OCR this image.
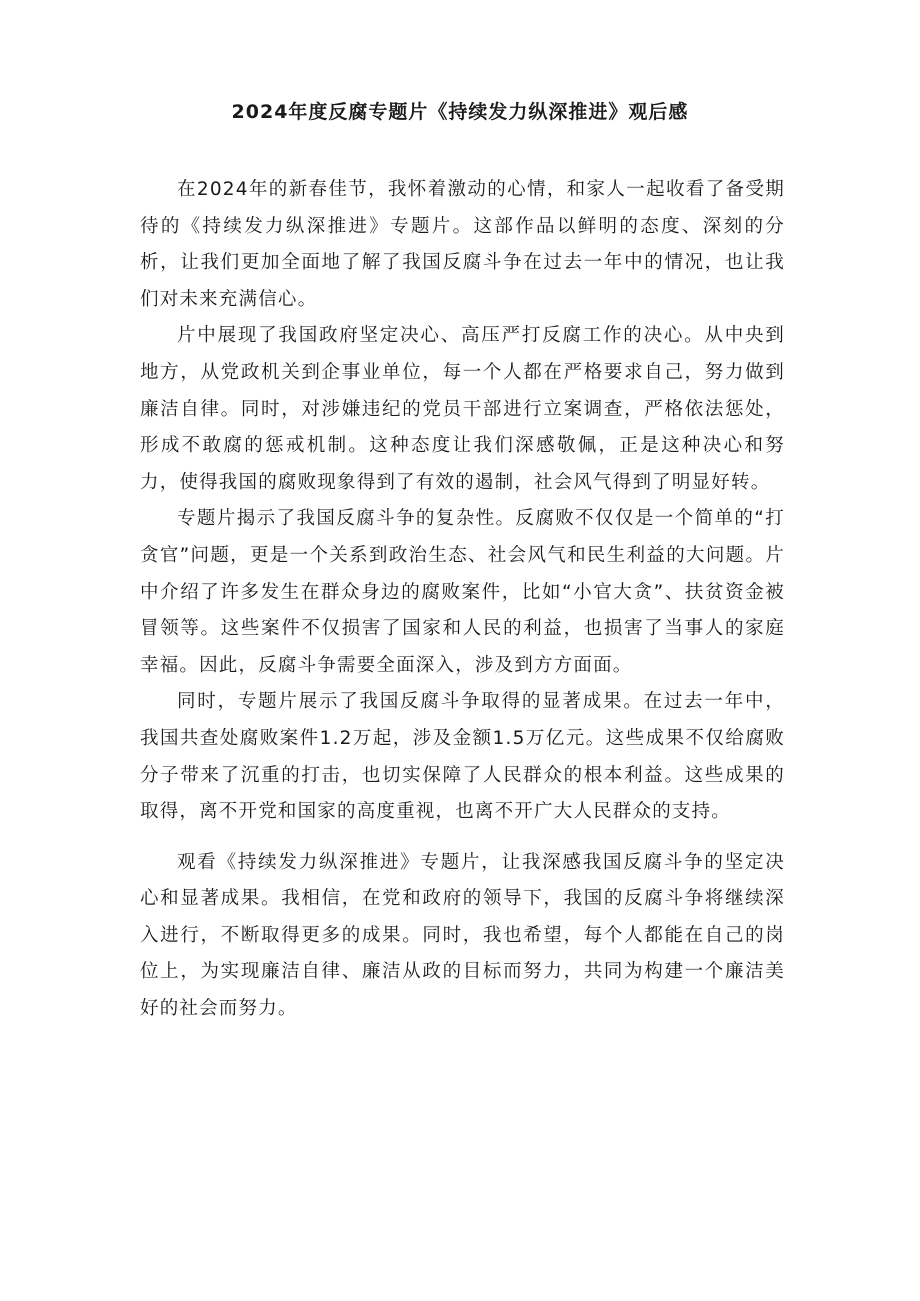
2024年度反腐专题片《持续发力纵深推进》观后感

在2024年的新春佳节，我怀着激动的心情，和家人一起收看了备受期待的《持续发力纵深推进》专题片。这部作品以鲜明的态度、深刻的分析，让我们更加全面地了解了我国反腐斗争在过去一年中的情况，也让我们对未来充满信心。

片中展现了我国政府坚定决心、高压严打反腐工作的决心。从中央到地方，从党政机关到企事业单位，每一个人都在严格要求自己，努力做到廉洁自律。同时，对涉嫌违纪的党员干部进行立案调查，严格依法惩处，形成不敢腐的惩戒机制。这种态度让我们深感敬佩，正是这种决心和努力，使得我国的腐败现象得到了有效的遏制，社会风气得到了明显好转。

专题片揭示了我国反腐斗争的复杂性。反腐败不仅仅是一个简单的“打贪官”问题，更是一个关系到政治生态、社会风气和民生利益的大问题。片中介绍了许多发生在群众身边的腐败案件，比如“小官大贪”、扶贫资金被冒领等。这些案件不仅损害了国家和人民的利益，也损害了当事人的家庭幸福。因此，反腐斗争需要全面深入，涉及到方方面面。

同时，专题片展示了我国反腐斗争取得的显著成果。在过去一年中，我国共查处腐败案件1.2万起，涉及金额1.5万亿元。这些成果不仅给腐败分子带来了沉重的打击，也切实保障了人民群众的根本利益。这些成果的取得，离不开党和国家的高度重视，也离不开广大人民群众的支持。

观看《持续发力纵深推进》专题片，让我深感我国反腐斗争的坚定决心和显著成果。我相信，在党和政府的领导下，我国的反腐斗争将继续深入进行，不断取得更多的成果。同时，我也希望，每个人都能在自己的岗位上，为实现廉洁自律、廉洁从政的目标而努力，共同为构建一个廉洁美好的社会而努力。
